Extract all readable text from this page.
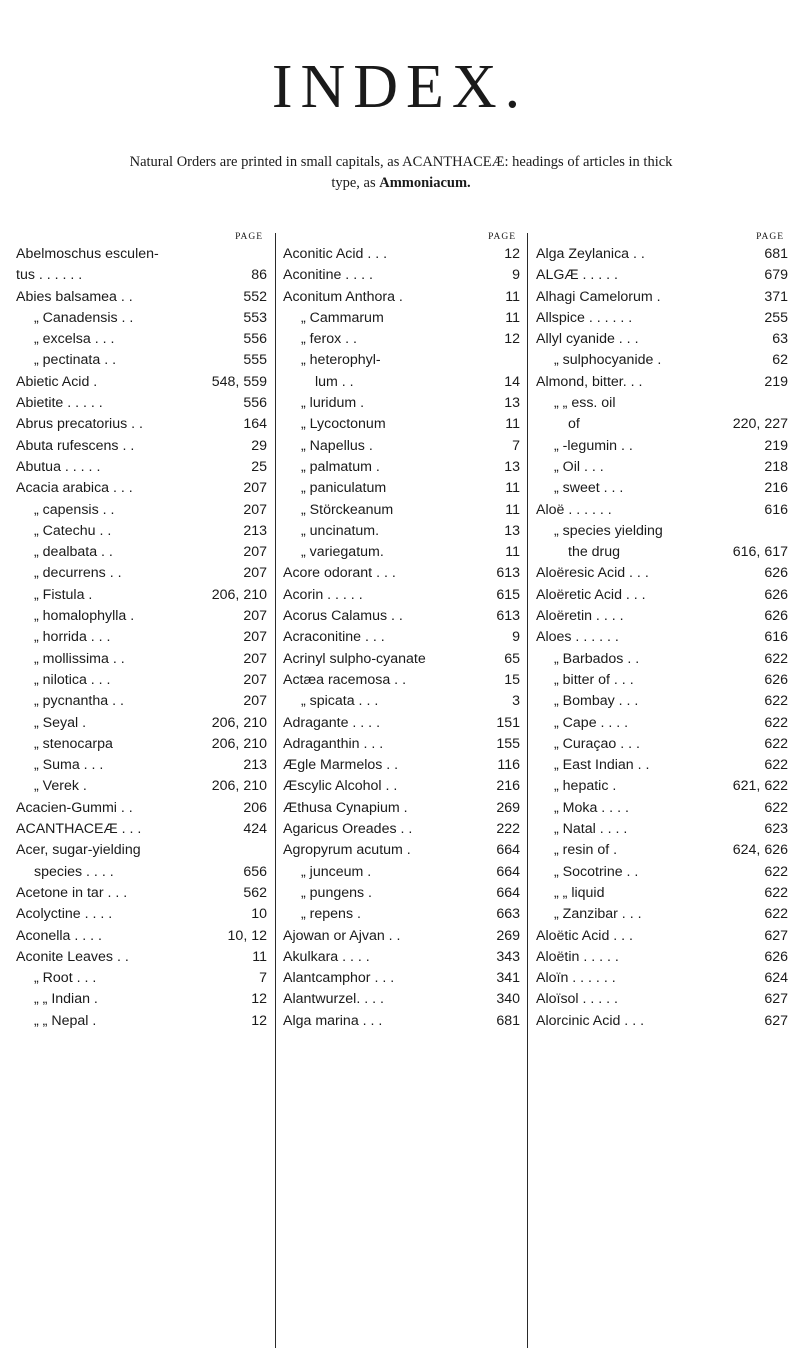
INDEX.
Natural Orders are printed in small capitals, as ACANTHACEÆ: headings of articles in thick
type, as Ammoniacum.
PAGE
Abelmoschus esculen-
tus . . . . . .	86
Abies balsamea . .	552
„ Canadensis . .	553
„ excelsa . . .	556
„ pectinata . .	555
Abietic Acid .	548, 559
Abietite . . . . .	556
Abrus precatorius . .	164
Abuta rufescens . .	29
Abutua . . . . .	25
Acacia arabica . . .	207
„ capensis . .	207
„ Catechu . .	213
„ dealbata . .	207
„ decurrens . .	207
„ Fistula .	206, 210
„ homalophylla .	207
„ horrida . . .	207
„ mollissima . .	207
„ nilotica . . .	207
„ pycnantha . .	207
„ Seyal .	206, 210
„ stenocarpa	206, 210
„ Suma . . .	213
„ Verek .	206, 210
Acacien-Gummi . .	206
ACANTHACEÆ . . .	424
Acer, sugar-yielding
species . . . .	656
Acetone in tar . . .	562
Acolyctine . . . .	10
Aconella . . . .	10, 12
Aconite Leaves . .	11
„ Root . . .	7
„ „ Indian .	12
„ „ Nepal .	12
PAGE
Aconitic Acid . . .	12
Aconitine . . . .	9
Aconitum Anthora .	11
„ Cammarum	11
„ ferox . .	12
„ heterophyl-
lum . .	14
„ luridum .	13
„ Lycoctonum	11
„ Napellus .	7
„ palmatum .	13
„ paniculatum	11
„ Störckeanum	11
„ uncinatum.	13
„ variegatum.	11
Acore odorant . . .	613
Acorin . . . . .	615
Acorus Calamus . .	613
Acraconitine . . .	9
Acrinyl sulpho-cyanate	65
Actæa racemosa . .	15
„ spicata . . .	3
Adragante . . . .	151
Adraganthin . . .	155
Ægle Marmelos . .	116
Æscylic Alcohol . .	216
Æthusa Cynapium .	269
Agaricus Oreades . .	222
Agropyrum acutum .	664
„ junceum .	664
„ pungens .	664
„ repens .	663
Ajowan or Ajvan . .	269
Akulkara . . . .	343
Alantcamphor . . .	341
Alantwurzel. . . .	340
Alga marina . . .	681
PAGE
Alga Zeylanica . .	681
ALGÆ . . . . .	679
Alhagi Camelorum .	371
Allspice . . . . . .	255
Allyl cyanide . . .	63
„ sulphocyanide .	62
Almond, bitter. . .	219
„ „ ess. oil
of	220, 227
„ -legumin . .	219
„ Oil . . .	218
„ sweet . . .	216
Aloë . . . . . .	616
„ species yielding
the drug	616, 617
Aloëresic Acid . . .	626
Aloëretic Acid . . .	626
Aloëretin . . . .	626
Aloes . . . . . .	616
„ Barbados . .	622
„ bitter of . . .	626
„ Bombay . . .	622
„ Cape . . . .	622
„ Curaçao . . .	622
„ East Indian . .	622
„ hepatic .	621, 622
„ Moka . . . .	622
„ Natal . . . .	623
„ resin of .	624, 626
„ Socotrine . .	622
„ „ liquid	622
„ Zanzibar . . .	622
Aloëtic Acid . . .	627
Aloëtin . . . . .	626
Aloïn . . . . . .	624
Aloïsol . . . . .	627
Alorcinic Acid . . .	627
